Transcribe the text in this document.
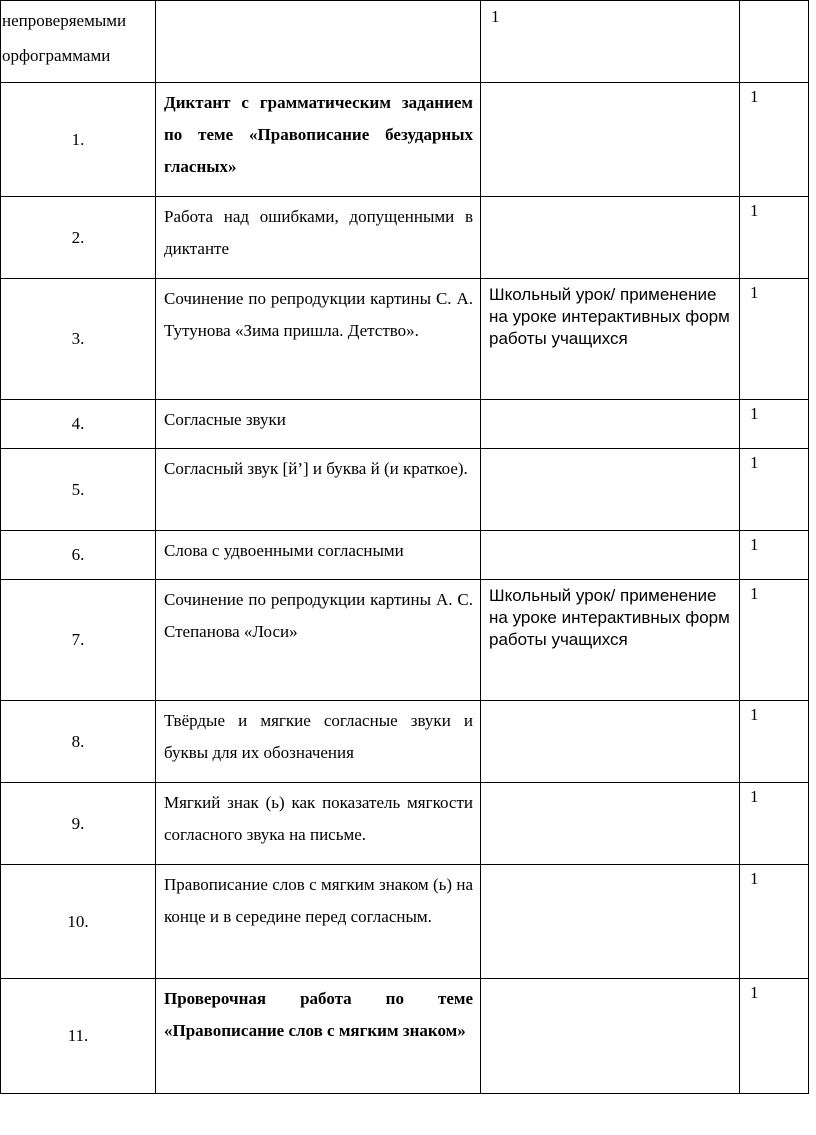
непроверяемыми орфограммами		1	
1.	Диктант с грамматическим заданием по теме «Правописание безударных гласных»		1
2.	Работа над ошибками, допущенными в диктанте		1
3.	Сочинение по репродукции картины С. А. Тутунова «Зима пришла. Детство».	Школьный урок/ применение на уроке интерактивных форм работы учащихся	1
4.	Согласные звуки		1
5.	Согласный звук [й’] и буква й (и краткое).		1
6.	Слова с удвоенными согласными		1
7.	Сочинение по репродукции картины А. С. Степанова «Лоси»	Школьный урок/ применение на уроке интерактивных форм работы учащихся	1
8.	Твёрдые и мягкие согласные звуки и буквы для их обозначения		1
9.	Мягкий знак (ь) как показатель мягкости согласного звука на письме.		1
10.	Правописание слов с мягким знаком (ь) на конце и в середине перед согласным.		1
11.	Проверочная работа по теме «Правописание слов с мягким знаком»		1
